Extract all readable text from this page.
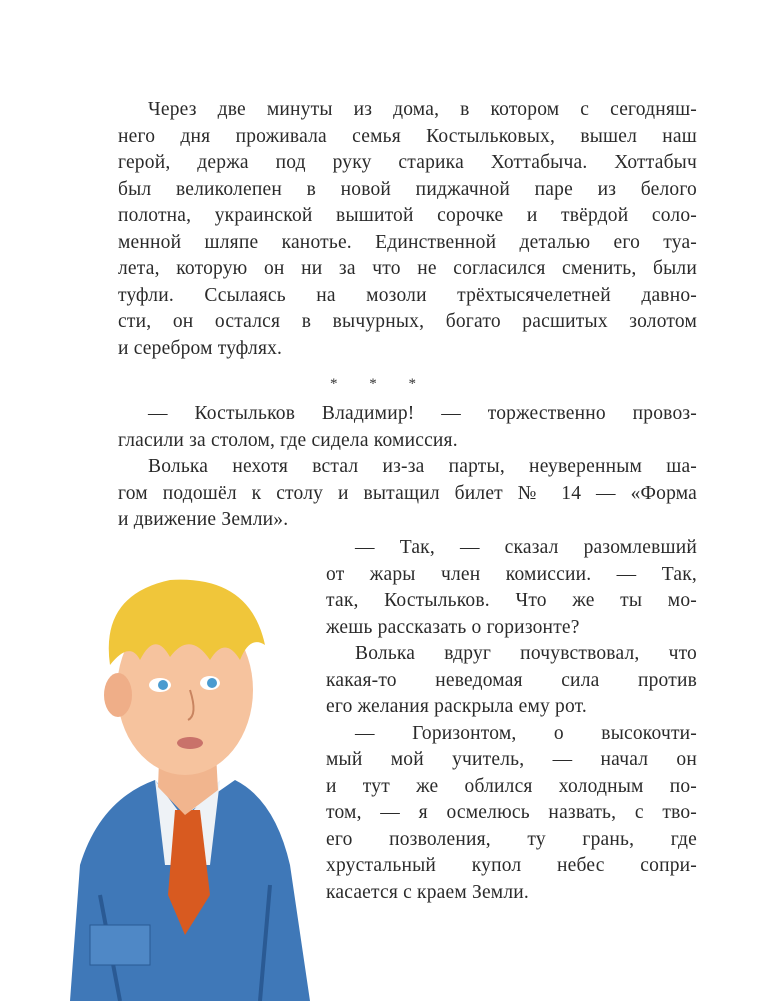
Через две минуты из дома, в котором с сегодняш-
него дня проживала семья Костыльковых, вышел наш
герой, держа под руку старика Хоттабыча. Хоттабыч
был великолепен в новой пиджачной паре из белого
полотна, украинской вышитой сорочке и твёрдой соло-
менной шляпе канотье. Единственной деталью его туа-
лета, которую он ни за что не согласился сменить, были
туфли. Ссылаясь на мозоли трёхтысячелетней давно-
сти, он остался в вычурных, богато расшитых золотом
и серебром туфлях.
— Костыльков Владимир! — торжественно провоз-
гласили за столом, где сидела комиссия.
Волька нехотя встал из-за парты, неуверенным ша-
гом подошёл к столу и вытащил билет № 14 — «Форма
и движение Земли».
— Так, — сказал разомлевший
от жары член комиссии. — Так,
так, Костыльков. Что же ты мо-
жешь рассказать о горизонте?
Волька вдруг почувствовал, что
какая-то неведомая сила против
его желания раскрыла ему рот.
— Горизонтом, о высокочти-
мый мой учитель, — начал он
и тут же облился холодным по-
том, — я осмелюсь назвать, с тво-
его позволения, ту грань, где
хрустальный купол небес сопри-
касается с краем Земли.
* * *
